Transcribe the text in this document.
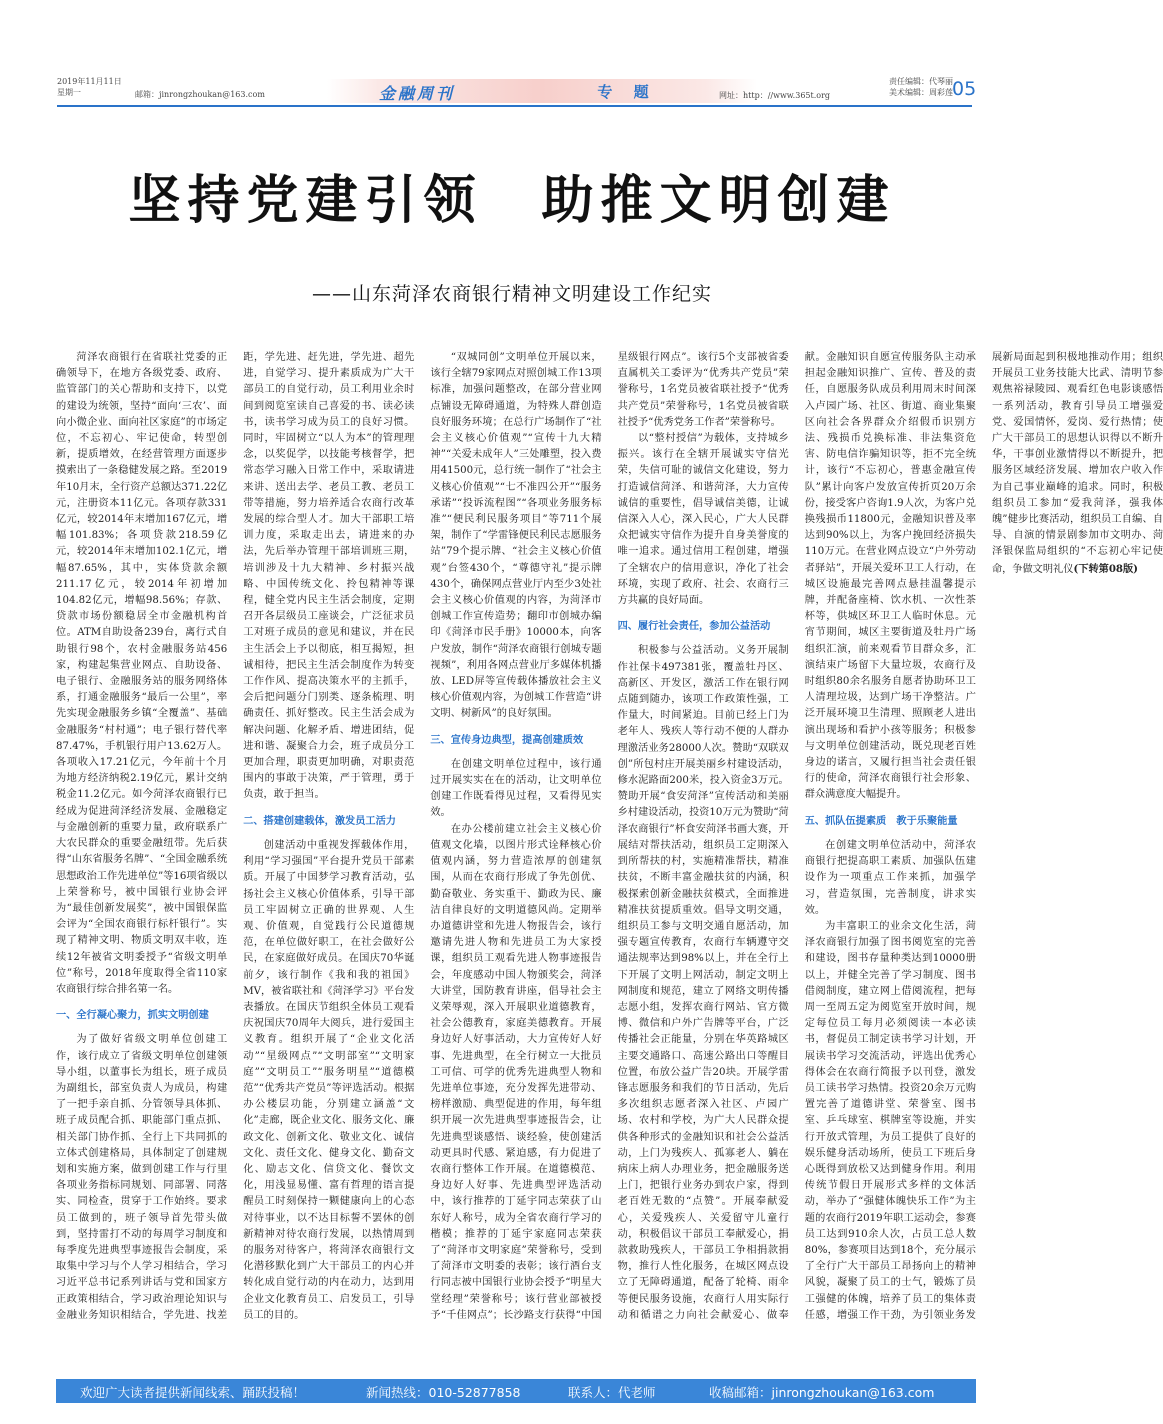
2019年11月11日
星期一	邮箱：jinrongzhoukan@163.com	金融周刊	专 题	网址：http：//www.365t.org
责任编辑：代琴丽
美术编辑：周彩莲 05
坚持党建引领　助推文明创建
——山东菏泽农商银行精神文明建设工作纪实

菏泽农商银行在省联社党委的正确领导下，在地方各级党委、政府、监管部门的关心帮助和支持下，以党的建设为统领，坚持“面向‘三农’、面向小微企业、面向社区家庭”的市场定位，不忘初心、牢记使命，转型创新，提质增效，在经营管理方面逐步摸索出了一条稳健发展之路。至2019年10月末，全行资产总额达371.22亿元，注册资本11亿元。各项存款331亿元，较2014年末增加167亿元，增幅101.83%；各项贷款218.59亿元，较2014年末增加102.1亿元，增幅87.65%，其中，实体贷款余额211.17亿元，较2014年初增加104.82亿元，增幅98.56%；存款、贷款市场份额稳居全市金融机构首位。ATM自助设备239台，离行式自助银行98个，农村金融服务站456家，构建起集营业网点、自助设备、电子银行、金融服务站的服务网络体系，打通金融服务“最后一公里”，率先实现金融服务乡镇“全覆盖”、基础金融服务“村村通”；电子银行替代率87.47%，手机银行用户13.62万人。各项收入17.21亿元，今年前十个月为地方经济纳税2.19亿元，累计交纳税金11.2亿元。如今菏泽农商银行已经成为促进菏泽经济发展、金融稳定与金融创新的重要力量，政府联系广大农民群众的重要金融纽带。先后获得“山东省服务名牌”、“全国金融系统思想政治工作先进单位”等16项省级以上荣誉称号，被中国银行业协会评为“最佳创新发展奖”，被中国银保监会评为“全国农商银行标杆银行”。实现了精神文明、物质文明双丰收，连续12年被省文明委授予“省级文明单位”称号，2018年度取得全省110家农商银行综合排名第一名。

一、全行凝心聚力，抓实文明创建

为了做好省级文明单位创建工作，该行成立了省级文明单位创建领导小组，以董事长为组长，班子成员为副组长，部室负责人为成员，构建了一把手亲自抓、分管领导具体抓、班子成员配合抓、职能部门重点抓、相关部门协作抓、全行上下共同抓的立体式创建格局，具体制定了创建规划和实施方案，做到创建工作与行里各项业务指标同规划、同部署、同落实、同检查，贯穿于工作始终。要求员工做到的，班子领导首先带头做到，坚持雷打不动的每周学习制度和每季度先进典型事迹报告会制度，采取集中学习与个人学习相结合，学习习近平总书记系列讲话与党和国家方正政策相结合，学习政治理论知识与金融业务知识相结合，学先进、找差距，学先进、赶先进，学先进、超先进，自觉学习、提升素质成为广大干部员工的自觉行动，员工利用业余时间到阅览室读自己喜爱的书、读必读书，读书学习成为员工的良好习惯。同时，牢固树立“以人为本”的管理理念，以奖促学，以技能考核督学，把常态学习融入日常工作中，采取请进来讲、送出去学、老员工教、老员工带等措施，努力培养适合农商行改革发展的综合型人才。加大干部职工培训力度，采取走出去，请进来的办法，先后举办管理干部培训班三期，培训涉及十九大精神、乡村振兴战略、中国传统文化、拎包精神等课程，健全党内民主生活会制度，定期召开各层级员工座谈会，广泛征求员工对班子成员的意见和建议，并在民主生活会上予以彻底，相互揭短，担诚相待，把民主生活会制度作为转变工作作风、提高决策水平的主抓手，会后把问题分门别类、逐条梳理、明确责任、抓好整改。民主生活会成为解决问题、化解矛盾、增进团结，促进和谐、凝聚合力会，班子成员分工更加合理，职责更加明确，对职责范围内的事敢于决策，严于管理，勇于负责，敢于担当。

二、搭建创建载体，激发员工活力

创建活动中重视发挥载体作用，利用“学习强国”平台提升党员干部素质。开展了中国梦学习教育活动，弘扬社会主义核心价值体系，引导干部员工牢固树立正确的世界观、人生观、价值观，自觉践行公民道德规范，在单位做好职工，在社会做好公民，在家庭做好成员。在国庆70华诞前夕，该行制作《我和我的祖国》MV，被省联社和《菏泽学习》平台发表播放。在国庆节组织全体员工观看庆祝国庆70周年大阅兵，进行爱国主义教育。组织开展了“企业文化活动”“星级网点”“文明部室”“文明家庭”“文明员工”“服务明星”“道德模范”“优秀共产党员”等评选活动。根据办公楼层功能，分别建立涵盖“文化”走廊，既企业文化、服务文化、廉政文化、创新文化、敬业文化、诚信文化、责任文化、健身文化、勤奋文化、励志文化、信贷文化、餐饮文化，用浅显易懂、富有哲理的语言提醒员工时刻保持一颗健康向上的心态对待事业，以不达目标誓不罢休的创新精神对待农商行发展，以热情周到的服务对待客户，将菏泽农商银行文化潜移默化到广大干部员工的内心并转化成自觉行动的内在动力，达到用企业文化教育员工、启发员工，引导员工的目的。

“双城同创”文明单位开展以来，该行全辖79家网点对照创城工作13项标准，加强问题整改，在部分营业网点铺设无障碍通道，为特殊人群创造良好服务环境；在总行广场制作了“社会主义核心价值观”“宣传十九大精神”“关爱未成年人”三处雕塑，投入费用41500元，总行统一制作了“社会主义核心价值观”“七不准四公开”“服务承诺”“投诉流程图”“各项业务服务标准”“便民利民服务项目”等711个展架，制作了“学雷锋便民利民志愿服务站”79个提示牌、“社会主义核心价值观”台签430个，“尊德守礼”提示牌430个，确保网点营业厅内至少3处社会主义核心价值观的内容，为菏泽市创城工作宣传造势；翻印市创城办编印《菏泽市民手册》10000本，向客户发放，制作“菏泽农商银行创城专题视频”，利用各网点营业厅多媒体机播放、LED屏等宣传载体播放社会主义核心价值观内容，为创城工作营造“讲文明、树新风”的良好氛围。

三、宣传身边典型，提高创建质效

在创建文明单位过程中，该行通过开展实实在在的活动，让文明单位创建工作既看得见过程，又看得见实效。

在办公楼前建立社会主义核心价值观文化墙，以图片形式诠释核心价值观内涵，努力营造浓厚的创建氛围，从而在农商行形成了争先创优、勤奋敬业、务实重干、勤政为民、廉洁自律良好的文明道德风尚。定期举办道德讲堂和先进人物报告会，该行邀请先进人物和先进员工为大家授课，组织员工观看先进人物事迹报告会，年度感动中国人物颁奖会，菏泽大讲堂，国防教育讲座，倡导社会主义荣辱观，深入开展职业道德教育，社会公德教育，家庭美德教育。开展身边好人好事活动，大力宣传好人好事、先进典型，在全行树立一大批员工可信、可学的优秀先进典型人物和先进单位事迹，充分发挥先进带动、榜样激励、典型促进的作用，每年组织开展一次先进典型事迹报告会，让先进典型谈感悟、谈经验，使创建活动更具时代感、紧迫感，有力促进了农商行整体工作开展。在道德模范、身边好人好事、先进典型评选活动中，该行推荐的丁延宇同志荣获了山东好人称号，成为全省农商行学习的楷模；推荐的丁延宇家庭同志荣获了“菏泽市文明家庭”荣誉称号，受到了菏泽市文明委的表彰；该行酒台支行同志被中国银行业协会授予“明星大堂经理”荣誉称号；该行营业部被授予“千佳网点”；长沙路支行获得“中国星级银行网点”。该行5个支部被省委直属机关工委评为“优秀共产党员”荣誉称号，1名党员被省联社授予“优秀共产党员”荣誉称号，1名党员被省联社授予“优秀党务工作者”荣誉称号。

以“整村授信”为载体，支持城乡振兴。该行在全辖开展诚实守信光荣，失信可耻的诚信文化建设，努力打造诚信菏泽、和谐菏泽，大力宣传诚信的重要性，倡导诚信美德，让诚信深入人心，深入民心，广大人民群众把诚实守信作为提升自身美誉度的唯一追求。通过信用工程创建，增强了全辖农户的信用意识，净化了社会环境，实现了政府、社会、农商行三方共赢的良好局面。

四、履行社会责任，参加公益活动

积极参与公益活动。义务开展制作社保卡497381张，覆盖牡丹区、高新区、开发区，激活工作在银行网点随到随办，该项工作政策性强，工作量大，时间紧迫。目前已经上门为老年人、残疾人等行动不便的人群办理激活业务28000人次。赞助“双联双创”所包村庄开展美丽乡村建设活动，修水泥路面200米，投入资金3万元。赞助开展“食安菏泽”宣传活动和美丽乡村建设活动，投资10万元为赞助“菏泽农商银行”杯食安菏泽书画大赛，开展结对帮扶活动，组织员工定期深入到所帮扶的村，实施精准帮扶，精准扶贫，不断丰富金融扶贫的内涵，积极探索创新金融扶贫模式，全面推进精准扶贫提质重效。倡导文明交通，组织员工参与文明交通自愿活动，加强专题宣传教育，农商行车辆遵守交通法规率达到98%以上，并在全行上下开展了文明上网活动，制定文明上网制度和规范，建立了网络文明传播志愿小组，发挥农商行网站、官方微博、微信和户外广告牌等平台，广泛传播社会正能量，分别在华英路城区主要交通路口、高速公路出口等醒目位置，布放公益广告20块。开展学雷锋志愿服务和我们的节日活动，先后多次组织志愿者深入社区、卢园广场、农村和学校，为广大人民群众提供各种形式的金融知识和社会公益活动，上门为残疾人、孤寡老人、躺在病床上病人办理业务，把金融服务送上门，把银行业务办到农户家，得到老百姓无数的“点赞”。开展奉献爱心，关爱残疾人、关爱留守儿童行动，积极倡议干部员工奉献爱心，捐款救助残疾人，干部员工争相捐款捐物，推行人性化服务，在城区网点设立了无障碍通道，配备了轮椅、雨伞等便民服务设施，农商行人用实际行动和循谱之力向社会献爱心、做奉献。金融知识自愿宣传服务队主动承担起金融知识推广、宣传、普及的责任，自愿服务队成员利用周末时间深入卢园广场、社区、街道、商业集聚区向社会各界群众介绍假币识别方法、残损币兑换标准、非法集资危害、防电信诈骗知识等，拒不完全统计，该行“不忘初心，普惠金融宣传队”累计向客户发放宣传折页20万余份，接受客户咨询1.9人次，为客户兑换残损币11800元，金融知识普及率达到90%以上，为客户挽回经济损失110万元。在营业网点设立“户外劳动者驿站”，开展关爱环卫工人行动，在城区设施最完善网点悬挂温馨提示牌，并配备座椅、饮水机、一次性茶杯等，供城区环卫工人临时休息。元宵节期间，城区主要街道及牡丹广场组织汇演，前来观看节目群众多，汇演结束广场留下大量垃圾，农商行及时组织80余名服务自愿者协助环卫工人清理垃圾，达到广场干净整洁。广泛开展环境卫生清理、照顾老人进出演出现场和看护小孩等服务；积极参与文明单位创建活动，既兑现老百姓身边的诺言，又履行担当社会责任银行的使命，菏泽农商银行社会形象、群众满意度大幅提升。

五、抓队伍提素质　教于乐聚能量

在创建文明单位活动中，菏泽农商银行把提高职工素质、加强队伍建设作为一项重点工作来抓，加强学习，营造氛围，完善制度，讲求实效。

为丰富职工的业余文化生活，菏泽农商银行加强了图书阅览室的完善和建设，图书存量种类达到10000册以上，并健全完善了学习制度、图书借阅制度，建立网上借阅流程，把每周一至周五定为阅览室开放时间，规定每位员工每月必须阅读一本必读书，督促员工制定读书学习计划，开展读书学习交流活动，评选出优秀心得体会在农商行简报予以刊登，激发员工读书学习热情。投资20余万元购置完善了道德讲堂、荣誉室、图书室、乒乓球室、棋牌室等设施，并实行开放式管理，为员工提供了良好的娱乐健身活动场所，使员工下班后身心既得到放松又达到健身作用。利用传统节假日开展形式多样的文体活动，举办了“强健体魄快乐工作”为主题的农商行2019年职工运动会，参赛员工达到910余人次，占员工总人数80%，参赛项目达到18个，充分展示了全行广大干部员工昂扬向上的精神风貌，凝聚了员工的士气，锻炼了员工强健的体魄，培养了员工的集体责任感，增强工作干劲，为引领业务发展新局面起到积极地推动作用；组织开展员工业务技能大比武、清明节参观焦裕禄陵园、观看红色电影谈感悟一系列活动，教育引导员工增强爱党、爱国情怀，爱岗、爱行热情；使广大干部员工的思想认识得以不断升华，干事创业激情得以不断提升，把服务区域经济发展、增加农户收入作为自己事业巅峰的追求。同时，积极组织员工参加“爱我菏泽，强我体魄”健步比赛活动，组织员工自编、自导、自演的情景剧参加市文明办、菏泽银保监局组织的“不忘初心牢记使命，争做文明礼仪(下转第08版)

欢迎广大读者提供新闻线索、踊跃投稿！	新闻热线：010-52877858	联系人：代老师	收稿邮箱：jinrongzhoukan@163.com
